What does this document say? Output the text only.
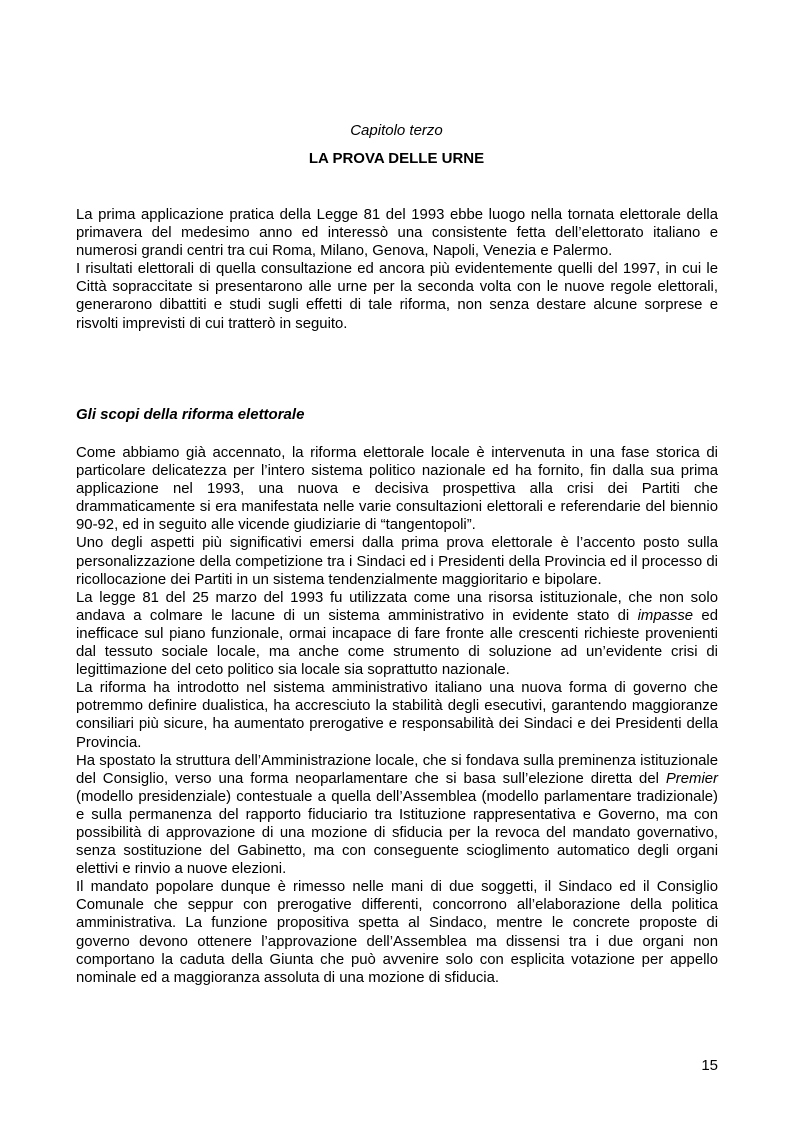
Capitolo terzo
LA PROVA DELLE URNE

La prima applicazione pratica della Legge 81 del 1993 ebbe luogo nella tornata elettorale della primavera del medesimo anno ed interessò una consistente fetta dell’elettorato italiano e numerosi grandi centri tra cui Roma, Milano, Genova, Napoli, Venezia e Palermo.

I risultati elettorali di quella consultazione ed ancora più evidentemente quelli del 1997, in cui le Città sopraccitate si presentarono alle urne per la seconda volta con le nuove regole elettorali, generarono dibattiti e studi sugli effetti di tale riforma, non senza destare alcune sorprese e risvolti imprevisti di cui tratterò in seguito.

Gli scopi della riforma elettorale

Come abbiamo già accennato, la riforma elettorale locale è intervenuta in una fase storica di particolare delicatezza per l’intero sistema politico nazionale ed ha fornito, fin dalla sua prima applicazione nel 1993, una nuova e decisiva prospettiva alla crisi dei Partiti che drammaticamente si era manifestata nelle varie consultazioni elettorali e referendarie del biennio 90-92, ed in seguito alle vicende giudiziarie di “tangentopoli”.

Uno degli aspetti più significativi emersi dalla prima prova elettorale è l’accento posto sulla personalizzazione della competizione tra i Sindaci ed i Presidenti della Provincia ed il processo di ricollocazione dei Partiti in un sistema tendenzialmente maggioritario e bipolare.

La legge 81 del 25 marzo del 1993 fu utilizzata come una risorsa istituzionale, che non solo andava a colmare le lacune di un sistema amministrativo in evidente stato di impasse ed inefficace sul piano funzionale, ormai incapace di fare fronte alle crescenti richieste provenienti dal tessuto sociale locale, ma anche come strumento di soluzione ad un’evidente crisi di legittimazione del ceto politico sia locale sia soprattutto nazionale.

La riforma ha introdotto nel sistema amministrativo italiano una nuova forma di governo che potremmo definire dualistica, ha accresciuto la stabilità degli esecutivi, garantendo maggioranze consiliari più sicure, ha aumentato prerogative e responsabilità dei Sindaci e dei Presidenti della Provincia.

Ha spostato la struttura dell’Amministrazione locale, che si fondava sulla preminenza istituzionale del Consiglio, verso una forma neoparlamentare che si basa sull’elezione diretta del Premier (modello presidenziale) contestuale a quella dell’Assemblea (modello parlamentare tradizionale) e sulla permanenza del rapporto fiduciario tra Istituzione rappresentativa e Governo, ma con possibilità di approvazione di una mozione di sfiducia per la revoca del mandato governativo, senza sostituzione del Gabinetto, ma con conseguente scioglimento automatico degli organi elettivi e rinvio a nuove elezioni.

Il mandato popolare dunque è rimesso nelle mani di due soggetti, il Sindaco ed il Consiglio Comunale che seppur con prerogative differenti, concorrono all’elaborazione della politica amministrativa. La funzione propositiva spetta al Sindaco, mentre le concrete proposte di governo devono ottenere l’approvazione dell’Assemblea ma dissensi tra i due organi non comportano la caduta della Giunta che può avvenire solo con esplicita votazione per appello nominale ed a maggioranza assoluta di una mozione di sfiducia.

15
